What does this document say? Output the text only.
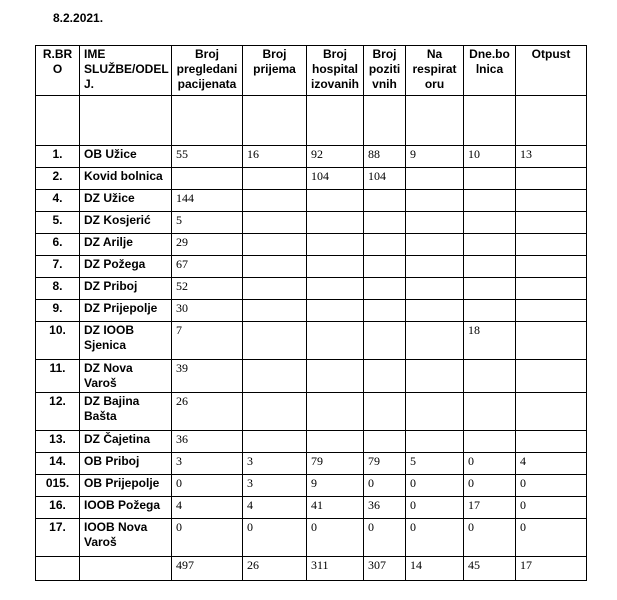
8.2.2021.
R.BR O	IME SLUŽBE/ODEL J.	Broj pregledani pacijenata	Broj prijema	Broj hospital izovanih	Broj poziti vnih	Na respirat oru	Dne.bo lnica	Otpust

1.	OB Užice	55	16	92	88	9	10	13
2.	Kovid bolnica			104	104			
4.	DZ Užice	144						
5.	DZ Kosjerić	5						
6.	DZ Arilje	29						
7.	DZ Požega	67						
8.	DZ Priboj	52						
9.	DZ Prijepolje	30						
10.	DZ IOOB Sjenica	7					18	
11.	DZ Nova Varoš	39						
12.	DZ Bajina Bašta	26						
13.	DZ Čajetina	36						
14.	OB Priboj	3	3	79	79	5	0	4
015.	OB Prijepolje	0	3	9	0	0	0	0
16.	IOOB Požega	4	4	41	36	0	17	0
17.	IOOB Nova Varoš	0	0	0	0	0	0	0
		497	26	311	307	14	45	17
